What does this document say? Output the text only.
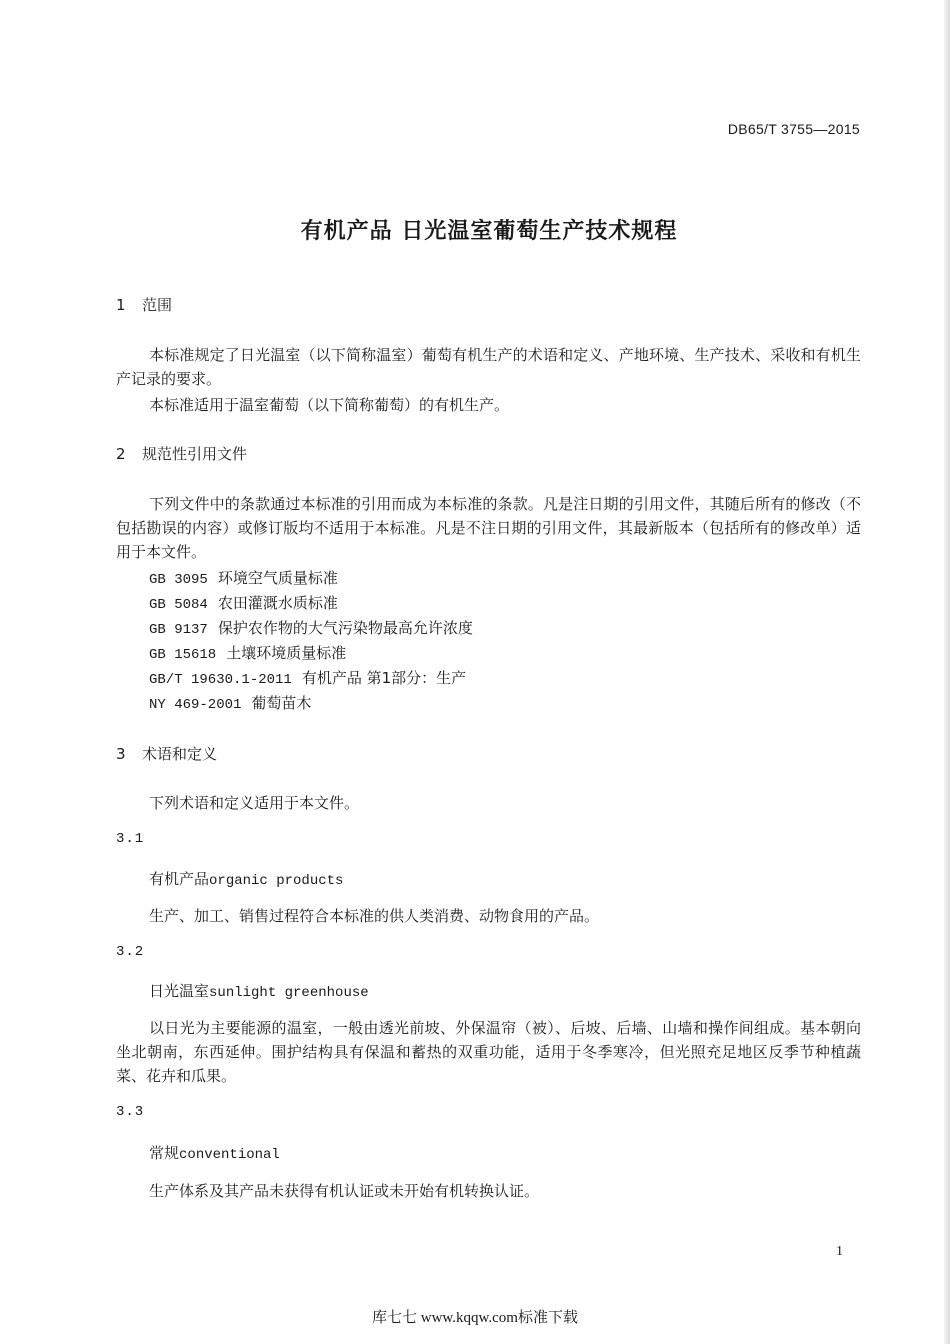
DB65/T 3755—2015
有机产品 日光温室葡萄生产技术规程
1 范围
本标准规定了日光温室（以下简称温室）葡萄有机生产的术语和定义、产地环境、生产技术、采收和有机生产记录的要求。
本标准适用于温室葡萄（以下简称葡萄）的有机生产。
2 规范性引用文件
下列文件中的条款通过本标准的引用而成为本标准的条款。凡是注日期的引用文件，其随后所有的修改（不包括勘误的内容）或修订版均不适用于本标准。凡是不注日期的引用文件，其最新版本（包括所有的修改单）适用于本文件。
GB 3095 环境空气质量标准
GB 5084 农田灌溉水质标准
GB 9137 保护农作物的大气污染物最高允许浓度
GB 15618 土壤环境质量标准
GB/T 19630.1-2011 有机产品 第1部分：生产
NY 469-2001 葡萄苗木
3 术语和定义
下列术语和定义适用于本文件。
3.1
有机产品organic products
生产、加工、销售过程符合本标准的供人类消费、动物食用的产品。
3.2
日光温室sunlight greenhouse
以日光为主要能源的温室，一般由透光前坡、外保温帘（被）、后坡、后墙、山墙和操作间组成。基本朝向坐北朝南，东西延伸。围护结构具有保温和蓄热的双重功能，适用于冬季寒冷，但光照充足地区反季节种植蔬菜、花卉和瓜果。
3.3
常规conventional
生产体系及其产品未获得有机认证或未开始有机转换认证。
1
库七七 www.kqqw.com标准下载
